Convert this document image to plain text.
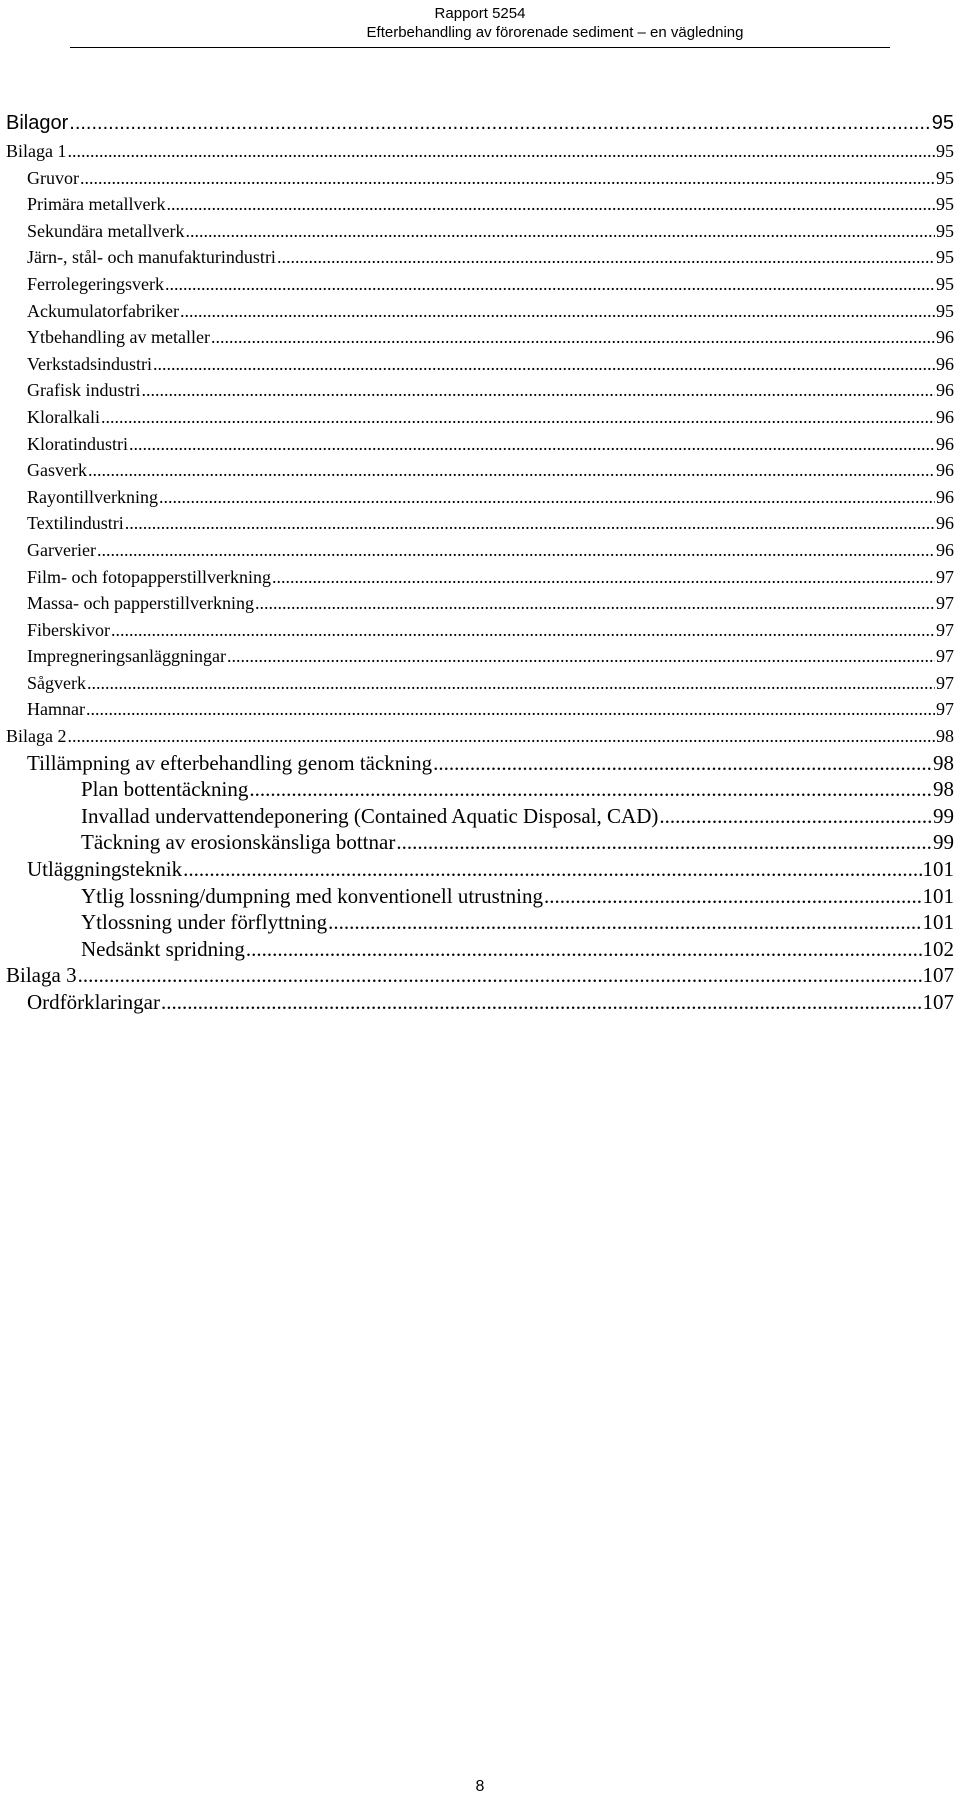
Rapport 5254
Efterbehandling av förorenade sediment – en vägledning
Bilagor .....	95
Bilaga 1 .....	95
Gruvor .....	95
Primära metallverk .....	95
Sekundära metallverk .....	95
Järn-, stål- och manufakturindustri .....	95
Ferrolegeringsverk .....	95
Ackumulatorfabriker .....	95
Ytbehandling av metaller .....	96
Verkstadsindustri .....	96
Grafisk industri .....	96
Kloralkali .....	96
Kloratindustri .....	96
Gasverk .....	96
Rayontillverkning .....	96
Textilindustri .....	96
Garverier .....	96
Film- och fotopapperstillverkning .....	97
Massa- och papperstillverkning .....	97
Fiberskivor .....	97
Impregneringsanläggningar .....	97
Sågverk .....	97
Hamnar .....	97
Bilaga 2 .....	98
Tillämpning av efterbehandling genom täckning .....	98
Plan bottentäckning .....	98
Invallad undervattendeponering (Contained Aquatic Disposal, CAD) .....	99
Täckning av erosionskänsliga bottnar .....	99
Utläggningsteknik .....	101
Ytlig lossning/dumpning med konventionell utrustning .....	101
Ytlossning under förflyttning .....	101
Nedsänkt spridning .....	102
Bilaga 3 .....	107
Ordförklaringar .....	107
8
